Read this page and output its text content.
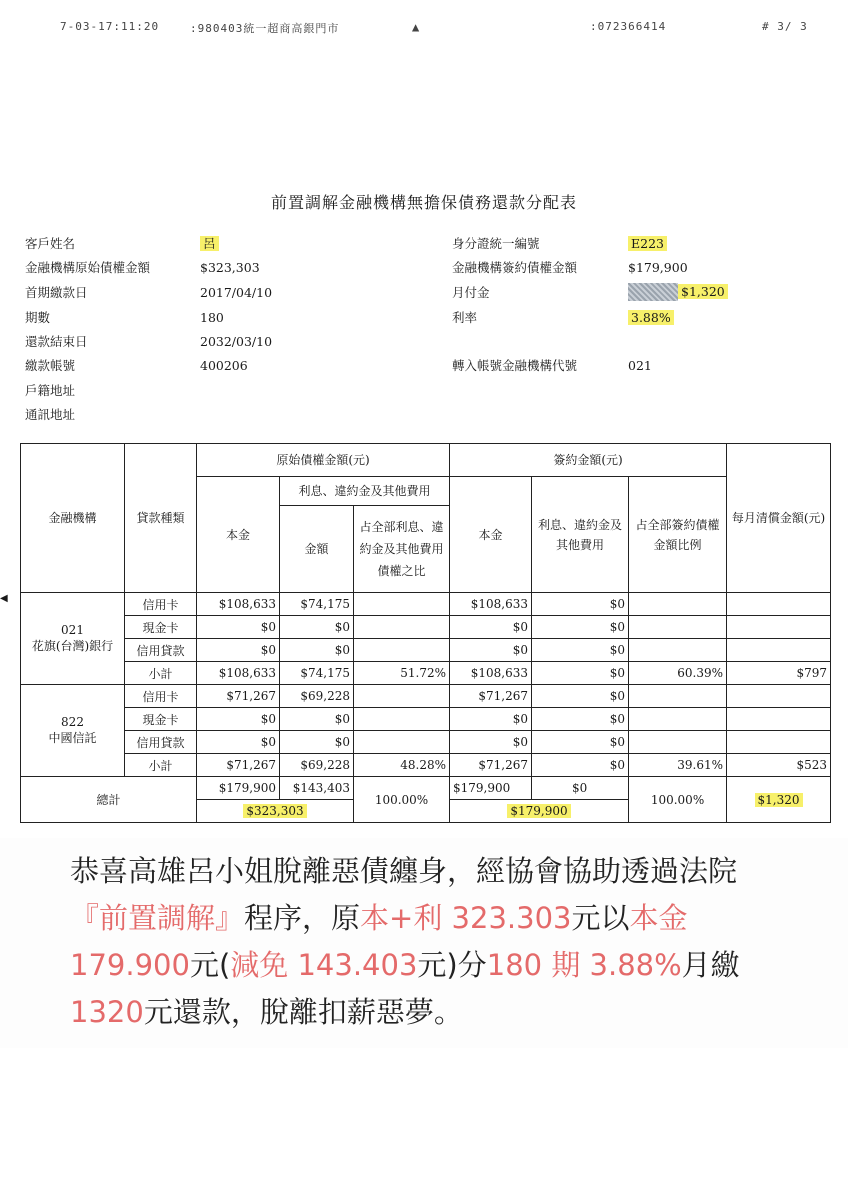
7-03-17:11:20	:980403統一超商高銀門市	▲	:072366414	# 3/ 3
前置調解金融機構無擔保債務還款分配表
客戶姓名	呂
金融機構原始債權金額	$323,303
首期繳款日	2017/04/10
期數	180
還款結束日	2032/03/10
繳款帳號	400206
戶籍地址
通訊地址
身分證統一編號	E223
金融機構簽約債權金額	$179,900
月付金	$1,320
利率	3.88%
轉入帳號金融機構代號	021
◀
金融機構	貸款種類	原始債權金額(元)			簽約金額(元)			每月清償金額(元)
		本金	利息、違約金及其他費用		本金	利息、違約金及其他費用	占全部簽約債權金額比例	
			金額	占全部利息、違約金及其他費用債權之比				

021
花旗(台灣)銀行	信用卡	$108,633	$74,175		$108,633	$0		
	現金卡	$0	$0		$0	$0		
	信用貸款	$0	$0		$0	$0		
	小計	$108,633	$74,175	51.72%	$108,633	$0	60.39%	$797

822
中國信託	信用卡	$71,267	$69,228		$71,267	$0		
	現金卡	$0	$0		$0	$0		
	信用貸款	$0	$0		$0	$0		
	小計	$71,267	$69,228	48.28%	$71,267	$0	39.61%	$523
總計		$179,900	$143,403	100.00%	$179,900	$0	100.00%	$1,320
		$323,303			$179,900			
恭喜高雄呂小姐脫離惡債纏身，經協會協助透過法院『前置調解』程序，原本+利 323.303元以本金 179.900元(減免 143.403元)分180 期 3.88%月繳1320元還款，脫離扣薪惡夢。
